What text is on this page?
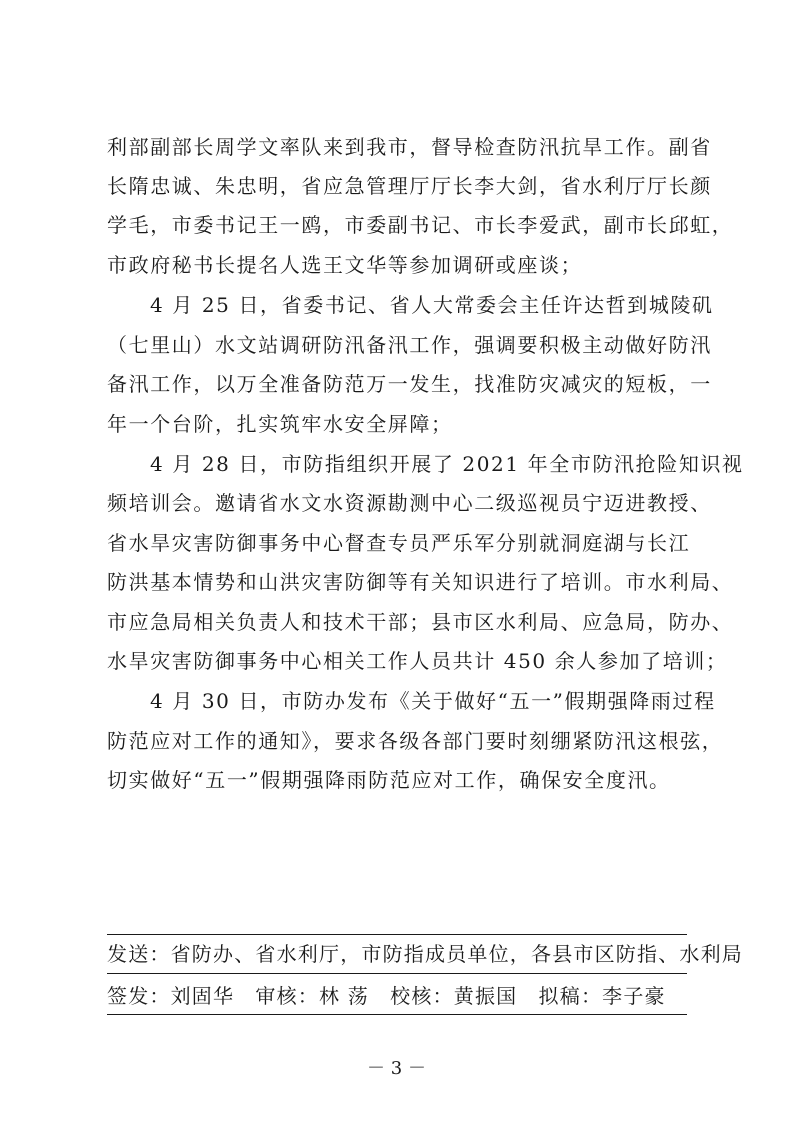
利部副部长周学文率队来到我市，督导检查防汛抗旱工作。副省
长隋忠诚、朱忠明，省应急管理厅厅长李大剑，省水利厅厅长颜
学毛，市委书记王一鸥，市委副书记、市长李爱武，副市长邱虹，
市政府秘书长提名人选王文华等参加调研或座谈；
4 月 25 日，省委书记、省人大常委会主任许达哲到城陵矶
（七里山）水文站调研防汛备汛工作，强调要积极主动做好防汛
备汛工作，以万全准备防范万一发生，找准防灾减灾的短板，一
年一个台阶，扎实筑牢水安全屏障；
4 月 28 日，市防指组织开展了 2021 年全市防汛抢险知识视
频培训会。邀请省水文水资源勘测中心二级巡视员宁迈进教授、
省水旱灾害防御事务中心督查专员严乐军分别就洞庭湖与长江
防洪基本情势和山洪灾害防御等有关知识进行了培训。市水利局、
市应急局相关负责人和技术干部；县市区水利局、应急局，防办、
水旱灾害防御事务中心相关工作人员共计 450 余人参加了培训；
4 月 30 日，市防办发布《关于做好“五一”假期强降雨过程
防范应对工作的通知》，要求各级各部门要时刻绷紧防汛这根弦，
切实做好“五一”假期强降雨防范应对工作，确保安全度汛。
发送：省防办、省水利厅，市防指成员单位，各县市区防指、水利局
签发：刘固华　审核：林 荡　校核：黄振国　拟稿：李子豪
－ 3 －
